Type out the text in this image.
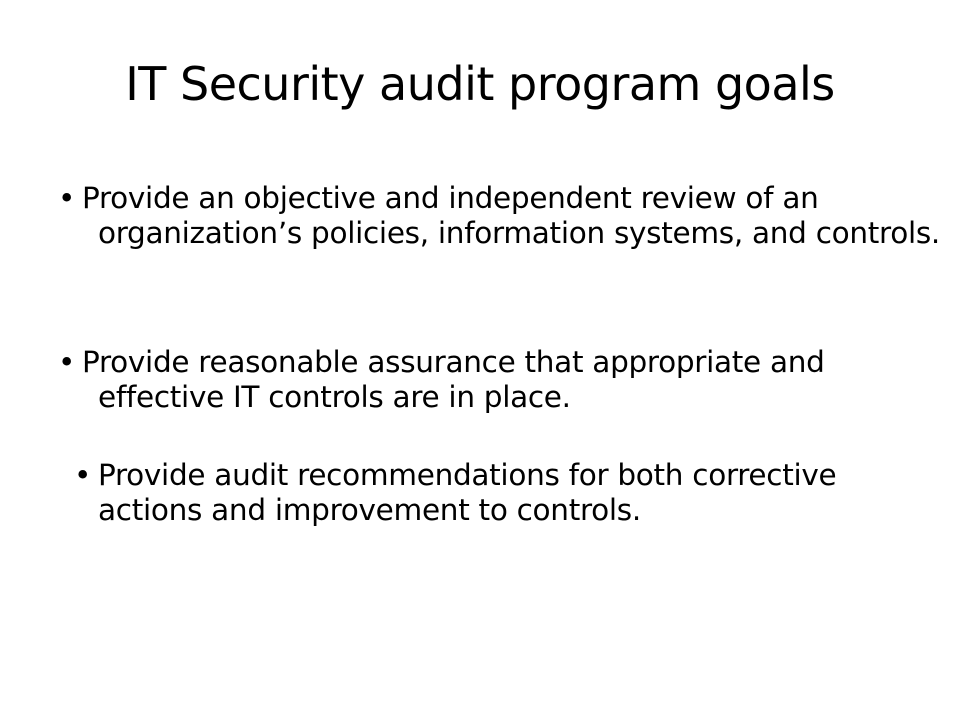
IT Security audit program goals

• Provide an objective and independent review of an organization’s policies, information systems, and controls.

• Provide reasonable assurance that appropriate and effective IT controls are in place.

• Provide audit recommendations for both corrective actions and improvement to controls.
